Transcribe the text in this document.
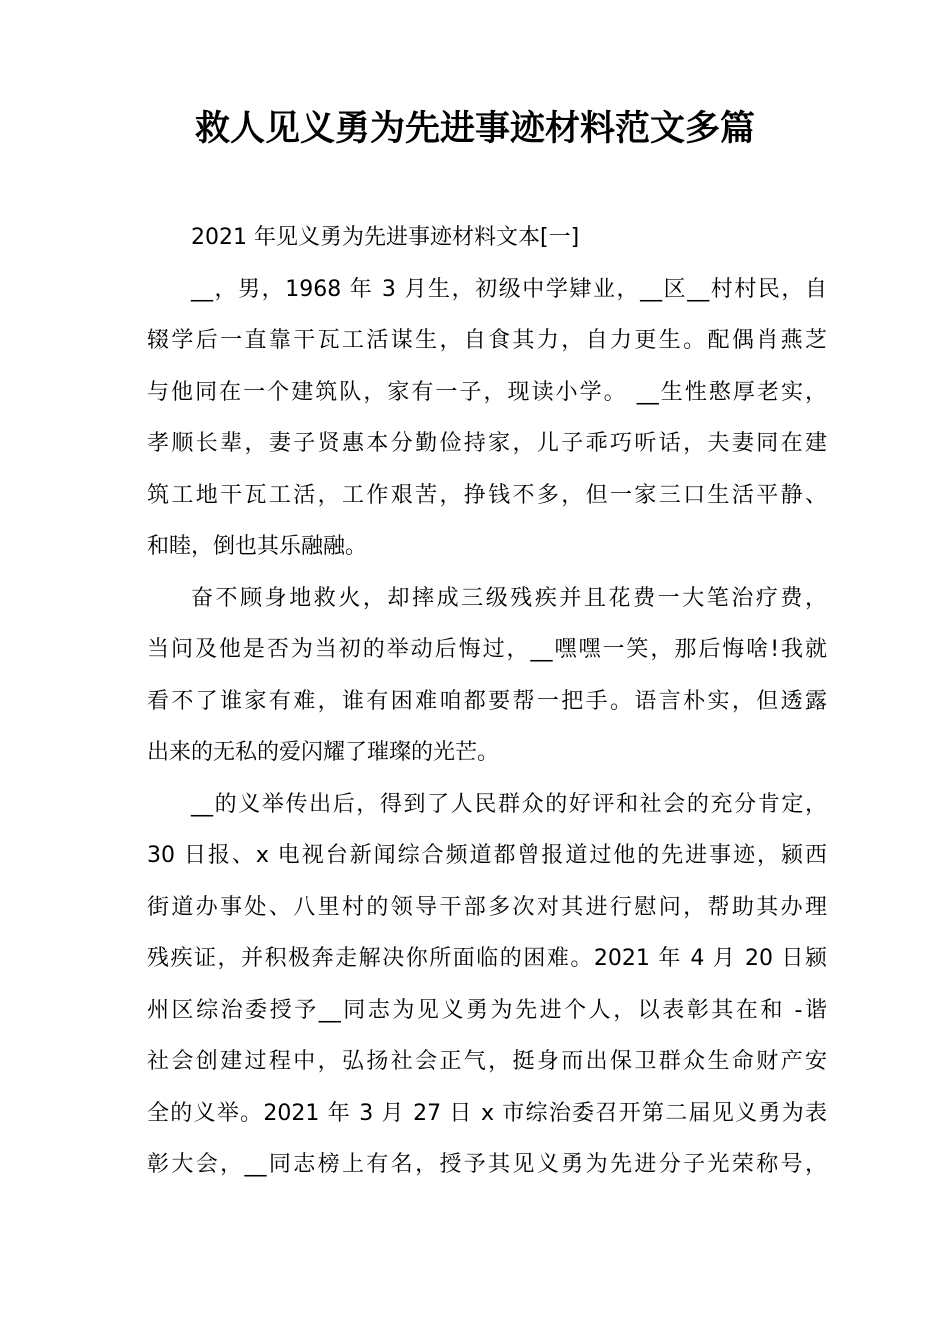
救人见义勇为先进事迹材料范文多篇
2021 年见义勇为先进事迹材料文本[一]
__，男，1968 年 3 月生，初级中学肄业，__区__村村民，自
辍学后一直靠干瓦工活谋生，自食其力，自力更生。配偶肖燕芝
与他同在一个建筑队，家有一子，现读小学。 __生性憨厚老实，
孝顺长辈，妻子贤惠本分勤俭持家，儿子乖巧听话，夫妻同在建
筑工地干瓦工活，工作艰苦，挣钱不多，但一家三口生活平静、
和睦，倒也其乐融融。
奋不顾身地救火，却摔成三级残疾并且花费一大笔治疗费，
当问及他是否为当初的举动后悔过，__嘿嘿一笑，那后悔啥!我就
看不了谁家有难，谁有困难咱都要帮一把手。语言朴实，但透露
出来的无私的爱闪耀了璀璨的光芒。
__的义举传出后，得到了人民群众的好评和社会的充分肯定，
30 日报、x 电视台新闻综合频道都曾报道过他的先进事迹，颍西
街道办事处、八里村的领导干部多次对其进行慰问，帮助其办理
残疾证，并积极奔走解决你所面临的困难。2021 年 4 月 20 日颍
州区综治委授予__同志为见义勇为先进个人，以表彰其在和 -谐
社会创建过程中，弘扬社会正气，挺身而出保卫群众生命财产安
全的义举。2021 年 3 月 27 日 x 市综治委召开第二届见义勇为表
彰大会，__同志榜上有名，授予其见义勇为先进分子光荣称号，
